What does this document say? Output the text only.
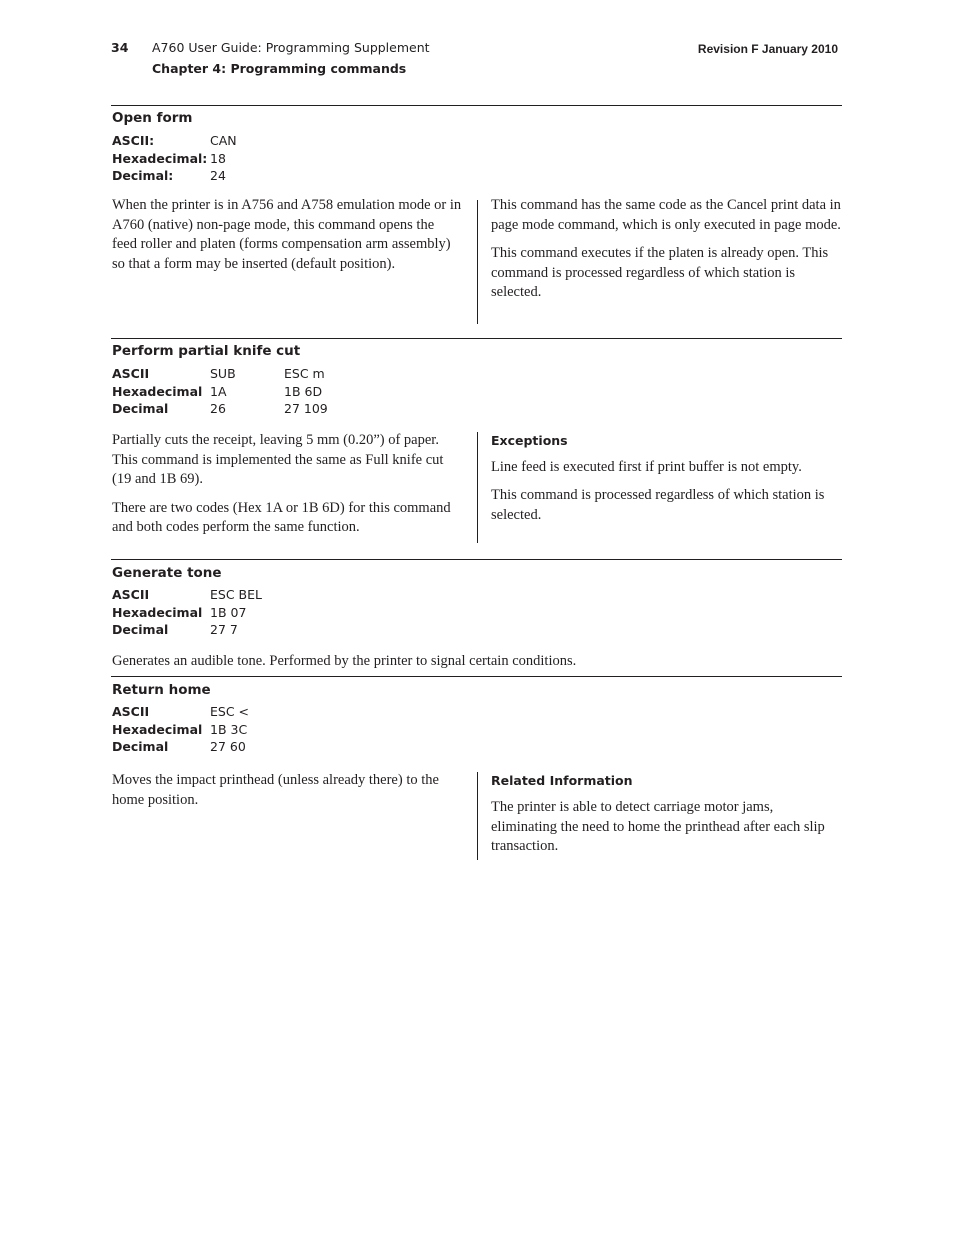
34 A760 User Guide: Programming Supplement
Chapter 4: Programming commands
Revision F January 2010
Open form
ASCII:	CAN
Hexadecimal: 18
Decimal:	24

When the printer is in A756 and A758 emulation mode or in A760 (native) non-page mode, this command opens the feed roller and platen (forms compensation arm assembly) so that a form may be inserted (default position).

This command has the same code as the Cancel print data in page mode command, which is only executed in page mode.

This command executes if the platen is already open. This command is processed regardless of which station is selected.

Perform partial knife cut
ASCII	SUB	ESC m
Hexadecimal 1A	1B 6D
Decimal	26	27 109

Partially cuts the receipt, leaving 5 mm (0.20”) of paper. This command is implemented the same as Full knife cut (19 and 1B 69).

There are two codes (Hex 1A or 1B 6D) for this command and both codes perform the same function.

Exceptions

Line feed is executed first if print buffer is not empty.

This command is processed regardless of which station is selected.

Generate tone
ASCII	ESC BEL
Hexadecimal 1B 07
Decimal	27 7
Generates an audible tone. Performed by the printer to signal certain conditions.
Return home
ASCII	ESC <
Hexadecimal 1B 3C
Decimal	27 60

Moves the impact printhead (unless already there) to the home position.

Related Information

The printer is able to detect carriage motor jams, eliminating the need to home the printhead after each slip transaction.
